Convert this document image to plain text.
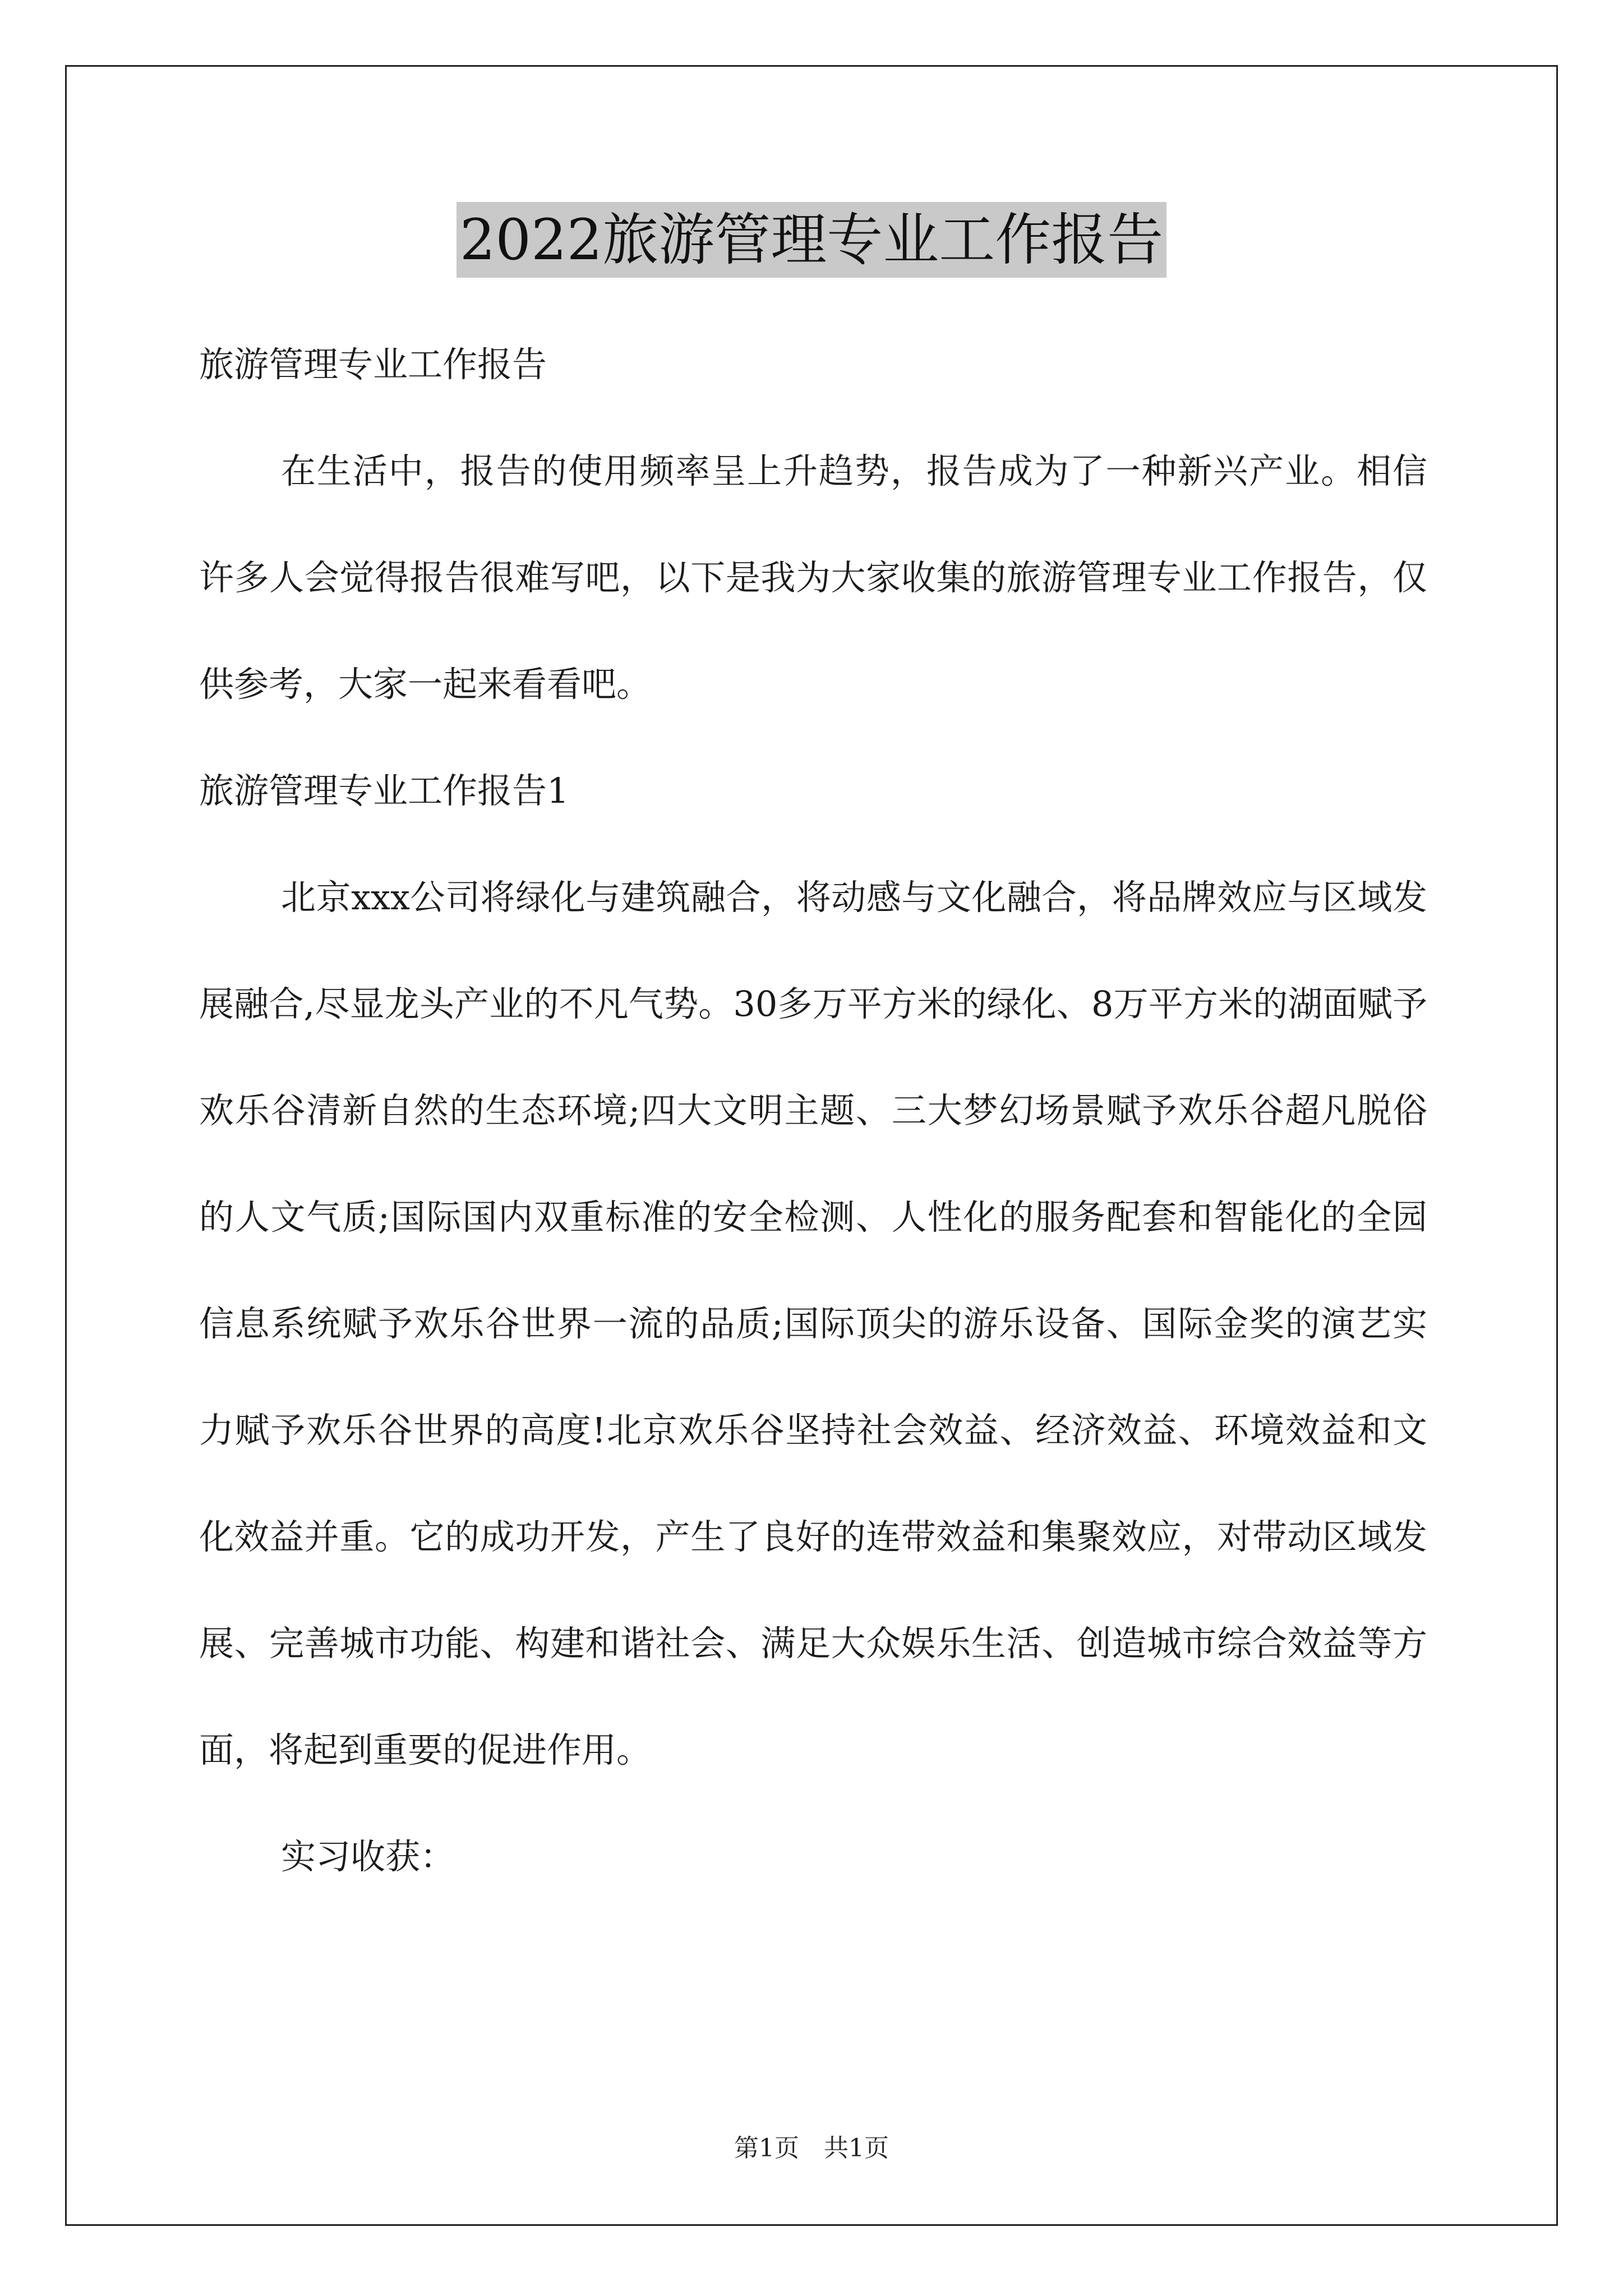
2022旅游管理专业工作报告

旅游管理专业工作报告

在生活中，报告的使用频率呈上升趋势，报告成为了一种新兴产业。相信许多人会觉得报告很难写吧，以下是我为大家收集的旅游管理专业工作报告，仅供参考，大家一起来看看吧。

旅游管理专业工作报告1

北京xxx公司将绿化与建筑融合，将动感与文化融合，将品牌效应与区域发展融合,尽显龙头产业的不凡气势。30多万平方米的绿化、8万平方米的湖面赋予欢乐谷清新自然的生态环境;四大文明主题、三大梦幻场景赋予欢乐谷超凡脱俗的人文气质;国际国内双重标准的安全检测、人性化的服务配套和智能化的全园信息系统赋予欢乐谷世界一流的品质;国际顶尖的游乐设备、国际金奖的演艺实力赋予欢乐谷世界的高度!北京欢乐谷坚持社会效益、经济效益、环境效益和文化效益并重。它的成功开发，产生了良好的连带效益和集聚效应，对带动区域发展、完善城市功能、构建和谐社会、满足大众娱乐生活、创造城市综合效益等方面，将起到重要的促进作用。

实习收获：

第1页　共1页
